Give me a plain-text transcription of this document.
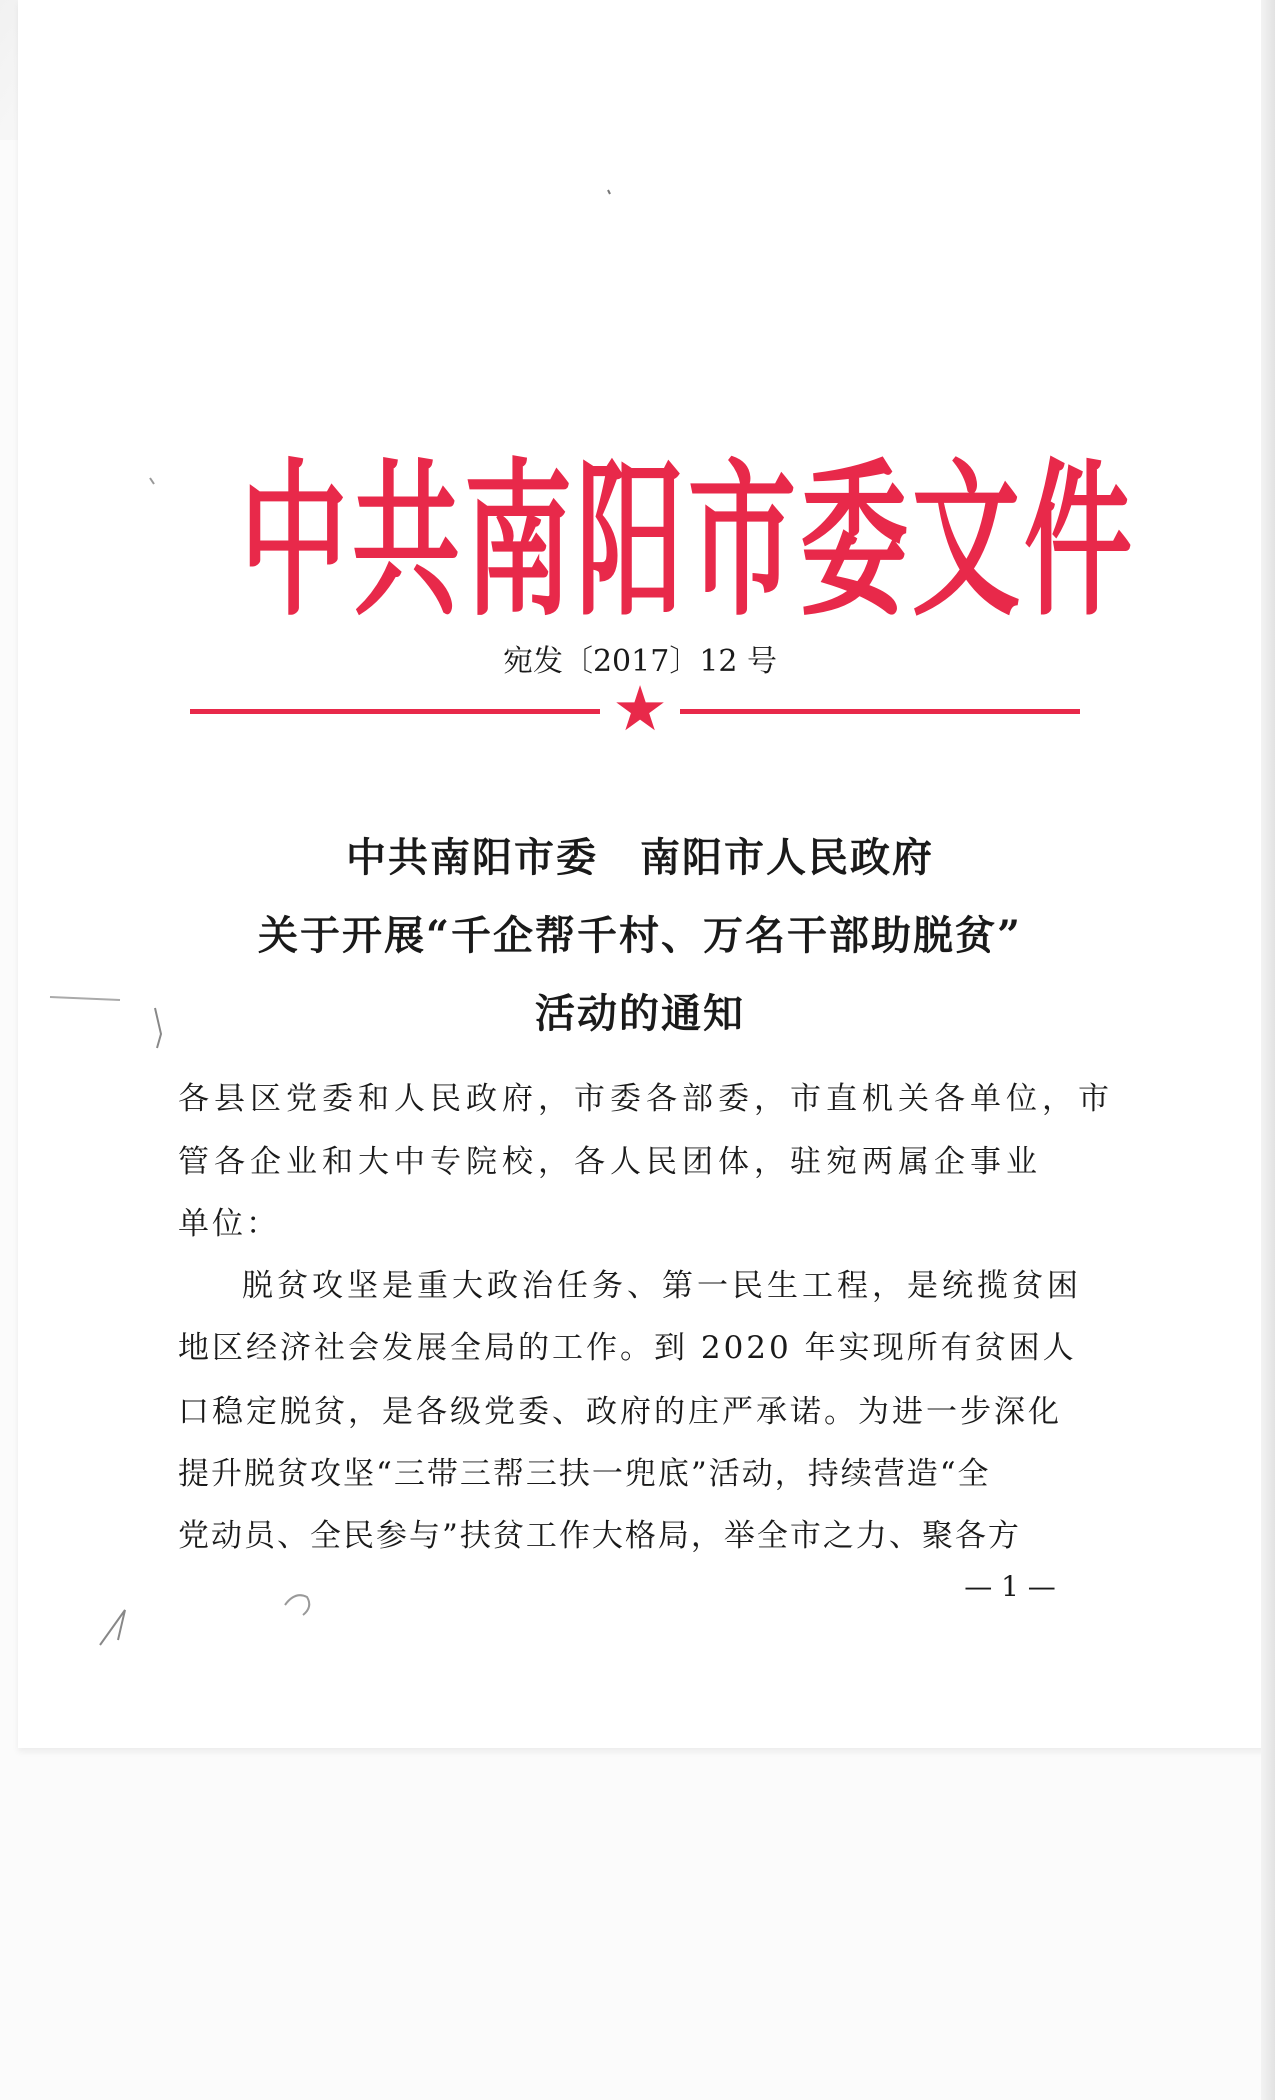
中共南阳市委文件
宛发〔2017〕12 号
★
中共南阳市委　南阳市人民政府
关于开展“千企帮千村、万名干部助脱贫”
活动的通知
各县区党委和人民政府，市委各部委，市直机关各单位，市
管各企业和大中专院校，各人民团体，驻宛两属企事业
单位：
脱贫攻坚是重大政治任务、第一民生工程，是统揽贫困
地区经济社会发展全局的工作。到 2020 年实现所有贫困人
口稳定脱贫，是各级党委、政府的庄严承诺。为进一步深化
提升脱贫攻坚“三带三帮三扶一兜底”活动，持续营造“全
党动员、全民参与”扶贫工作大格局，举全市之力、聚各方
— 1 —
